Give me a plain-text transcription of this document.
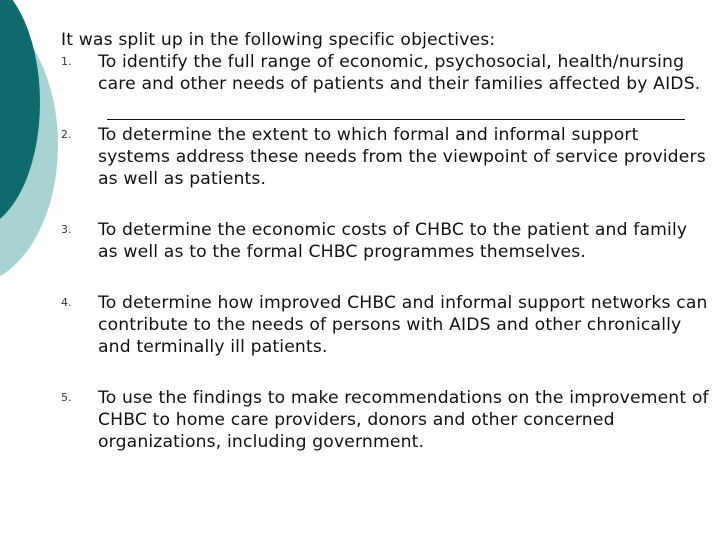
It was split up in the following specific objectives:
1. To identify the full range of economic, psychosocial, health/nursing care and other needs of patients and their families affected by AIDS.
2. To determine the extent to which formal and informal support systems address these needs from the viewpoint of service providers as well as patients.
3. To determine the economic costs of CHBC to the patient and family as well as to the formal CHBC programmes themselves.
4. To determine how improved CHBC and informal support networks can contribute to the needs of persons with AIDS and other chronically and terminally ill patients.
5. To use the findings to make recommendations on the improvement of CHBC to home care providers, donors and other concerned organizations, including government.
